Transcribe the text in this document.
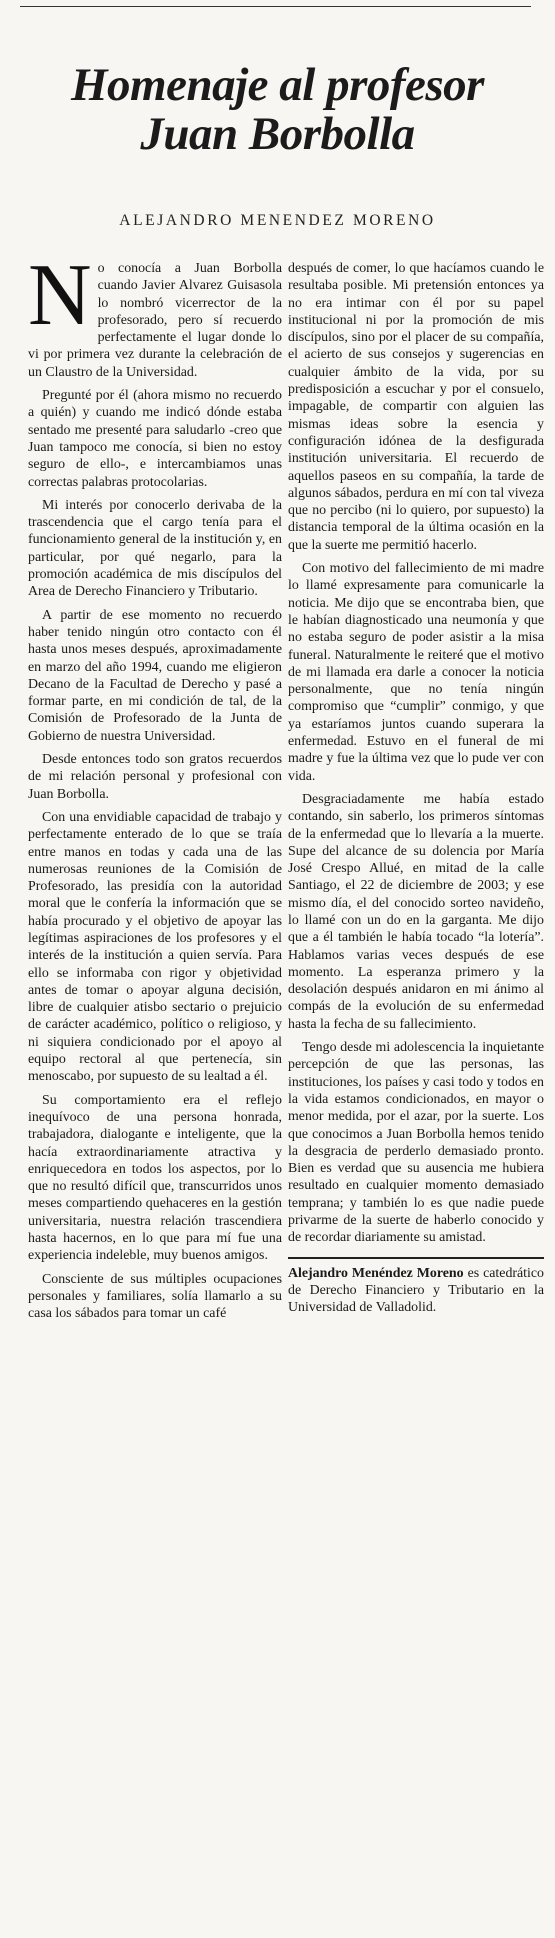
Homenaje al profesor Juan Borbolla
ALEJANDRO MENENDEZ MORENO

No conocía a Juan Borbolla cuando Javier Alvarez Guisasola lo nombró vicerrector de la profesorado, pero sí recuerdo perfectamente el lugar donde lo vi por primera vez durante la celebración de un Claustro de la Universidad.

Pregunté por él (ahora mismo no recuerdo a quién) y cuando me indicó dónde estaba sentado me presenté para saludarlo -creo que Juan tampoco me conocía, si bien no estoy seguro de ello-, e intercambiamos unas correctas palabras protocolarias.

Mi interés por conocerlo derivaba de la trascendencia que el cargo tenía para el funcionamiento general de la institución y, en particular, por qué negarlo, para la promoción académica de mis discípulos del Area de Derecho Financiero y Tributario.

A partir de ese momento no recuerdo haber tenido ningún otro contacto con él hasta unos meses después, aproximadamente en marzo del año 1994, cuando me eligieron Decano de la Facultad de Derecho y pasé a formar parte, en mi condición de tal, de la Comisión de Profesorado de la Junta de Gobierno de nuestra Universidad.

Desde entonces todo son gratos recuerdos de mi relación personal y profesional con Juan Borbolla.

Con una envidiable capacidad de trabajo y perfectamente enterado de lo que se traía entre manos en todas y cada una de las numerosas reuniones de la Comisión de Profesorado, las presidía con la autoridad moral que le confería la información que se había procurado y el objetivo de apoyar las legítimas aspiraciones de los profesores y el interés de la institución a quien servía. Para ello se informaba con rigor y objetividad antes de tomar o apoyar alguna decisión, libre de cualquier atisbo sectario o prejuicio de carácter académico, político o religioso, y ni siquiera condicionado por el apoyo al equipo rectoral al que pertenecía, sin menoscabo, por supuesto de su lealtad a él.

Su comportamiento era el reflejo inequívoco de una persona honrada, trabajadora, dialogante e inteligente, que la hacía extraordinariamente atractiva y enriquecedora en todos los aspectos, por lo que no resultó difícil que, transcurridos unos meses compartiendo quehaceres en la gestión universitaria, nuestra relación trascendiera hasta hacernos, en lo que para mí fue una experiencia indeleble, muy buenos amigos.

Consciente de sus múltiples ocupaciones personales y familiares, solía llamarlo a su casa los sábados para tomar un café

después de comer, lo que hacíamos cuando le resultaba posible. Mi pretensión entonces ya no era intimar con él por su papel institucional ni por la promoción de mis discípulos, sino por el placer de su compañía, el acierto de sus consejos y sugerencias en cualquier ámbito de la vida, por su predisposición a escuchar y por el consuelo, impagable, de compartir con alguien las mismas ideas sobre la esencia y configuración idónea de la desfigurada institución universitaria. El recuerdo de aquellos paseos en su compañía, la tarde de algunos sábados, perdura en mí con tal viveza que no percibo (ni lo quiero, por supuesto) la distancia temporal de la última ocasión en la que la suerte me permitió hacerlo.

Con motivo del fallecimiento de mi madre lo llamé expresamente para comunicarle la noticia. Me dijo que se encontraba bien, que le habían diagnosticado una neumonía y que no estaba seguro de poder asistir a la misa funeral. Naturalmente le reiteré que el motivo de mi llamada era darle a conocer la noticia personalmente, que no tenía ningún compromiso que “cumplir” conmigo, y que ya estaríamos juntos cuando superara la enfermedad. Estuvo en el funeral de mi madre y fue la última vez que lo pude ver con vida.

Desgraciadamente me había estado contando, sin saberlo, los primeros síntomas de la enfermedad que lo llevaría a la muerte. Supe del alcance de su dolencia por María José Crespo Allué, en mitad de la calle Santiago, el 22 de diciembre de 2003; y ese mismo día, el del conocido sorteo navideño, lo llamé con un do en la garganta. Me dijo que a él también le había tocado “la lotería”. Hablamos varias veces después de ese momento. La esperanza primero y la desolación después anidaron en mi ánimo al compás de la evolución de su enfermedad hasta la fecha de su fallecimiento.

Tengo desde mi adolescencia la inquietante percepción de que las personas, las instituciones, los países y casi todo y todos en la vida estamos condicionados, en mayor o menor medida, por el azar, por la suerte. Los que conocimos a Juan Borbolla hemos tenido la desgracia de perderlo demasiado pronto. Bien es verdad que su ausencia me hubiera resultado en cualquier momento demasiado temprana; y también lo es que nadie puede privarme de la suerte de haberlo conocido y de recordar diariamente su amistad.

Alejandro Menéndez Moreno es catedrático de Derecho Financiero y Tributario en la Universidad de Valladolid.
